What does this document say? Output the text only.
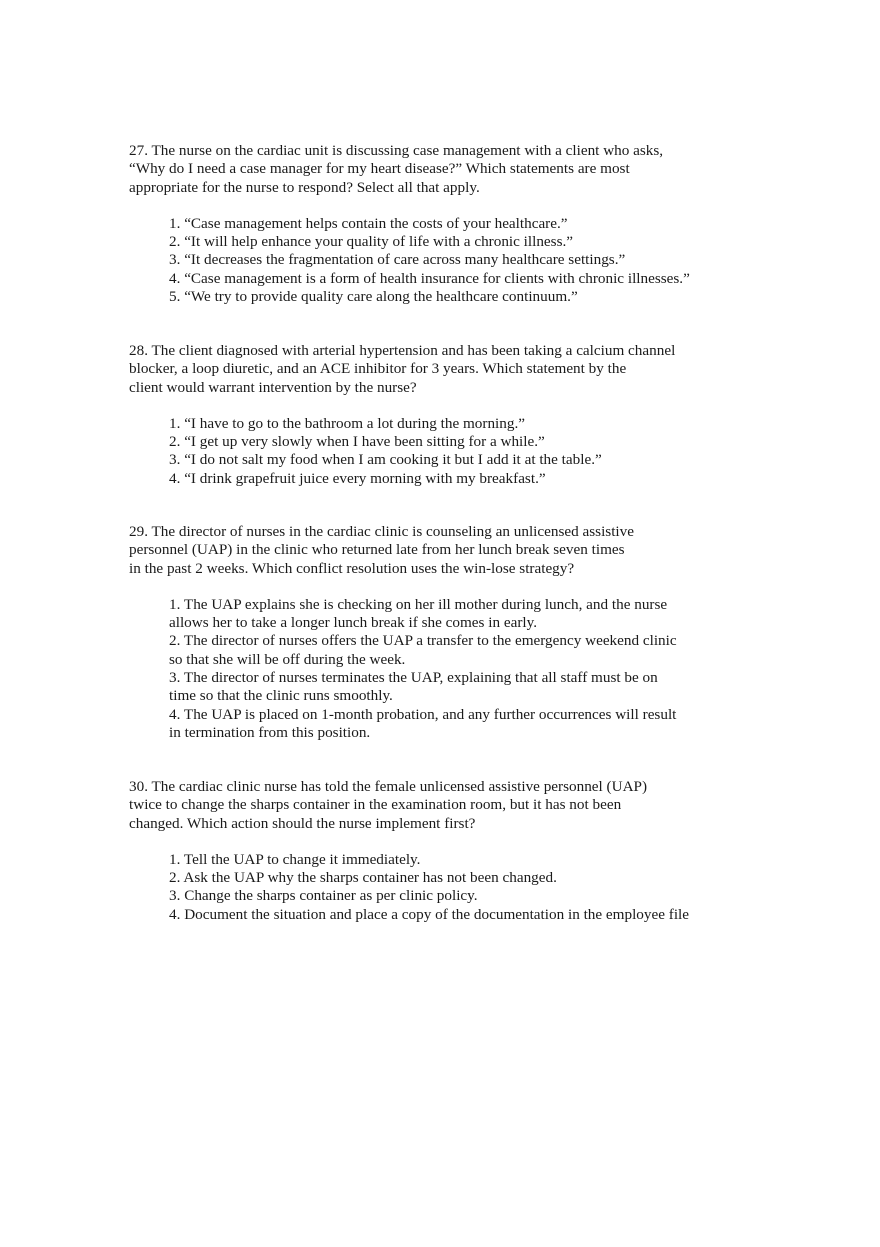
27. The nurse on the cardiac unit is discussing case management with a client who asks,
“Why do I need a case manager for my heart disease?” Which statements are most
appropriate for the nurse to respond? Select all that apply.
1. “Case management helps contain the costs of your healthcare.”
2. “It will help enhance your quality of life with a chronic illness.”
3. “It decreases the fragmentation of care across many healthcare settings.”
4. “Case management is a form of health insurance for clients with chronic illnesses.”
5. “We try to provide quality care along the healthcare continuum.”
28. The client diagnosed with arterial hypertension and has been taking a calcium channel
blocker, a loop diuretic, and an ACE inhibitor for 3 years. Which statement by the
client would warrant intervention by the nurse?
1. “I have to go to the bathroom a lot during the morning.”
2. “I get up very slowly when I have been sitting for a while.”
3. “I do not salt my food when I am cooking it but I add it at the table.”
4. “I drink grapefruit juice every morning with my breakfast.”
29. The director of nurses in the cardiac clinic is counseling an unlicensed assistive
personnel (UAP) in the clinic who returned late from her lunch break seven times
in the past 2 weeks. Which conflict resolution uses the win-lose strategy?
1. The UAP explains she is checking on her ill mother during lunch, and the nurse
allows her to take a longer lunch break if she comes in early.
2. The director of nurses offers the UAP a transfer to the emergency weekend clinic
so that she will be off during the week.
3. The director of nurses terminates the UAP, explaining that all staff must be on
time so that the clinic runs smoothly.
4. The UAP is placed on 1-month probation, and any further occurrences will result
in termination from this position.
30. The cardiac clinic nurse has told the female unlicensed assistive personnel (UAP)
twice to change the sharps container in the examination room, but it has not been
changed. Which action should the nurse implement first?
1. Tell the UAP to change it immediately.
2. Ask the UAP why the sharps container has not been changed.
3. Change the sharps container as per clinic policy.
4. Document the situation and place a copy of the documentation in the employee file
